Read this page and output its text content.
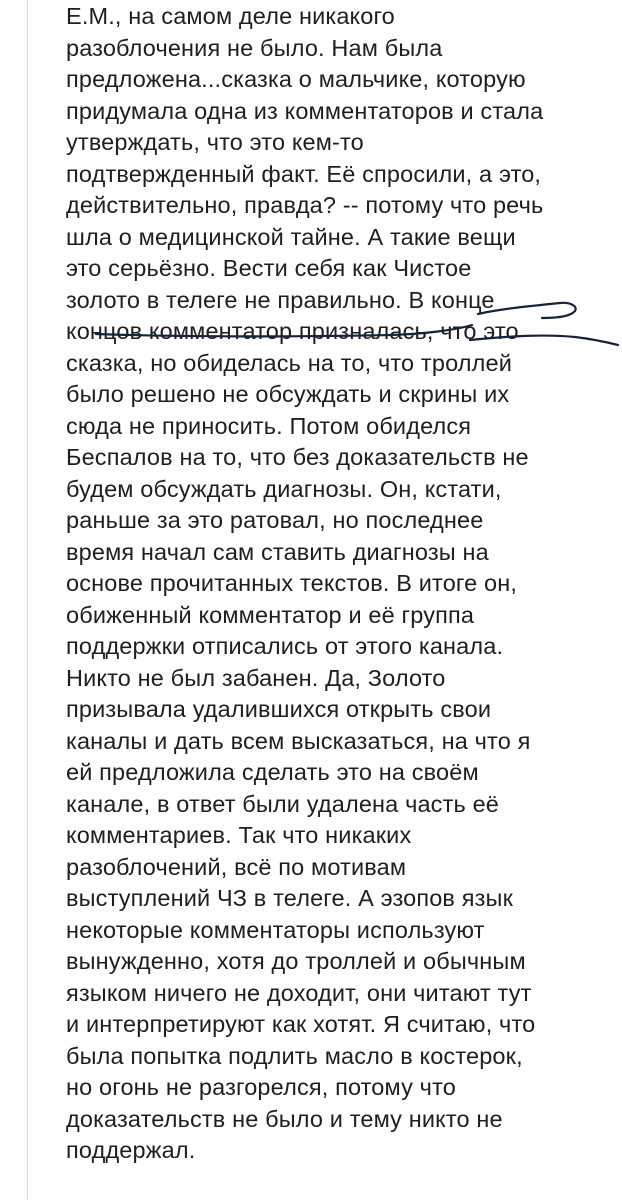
Е.М., на самом деле никакого
разоблочения не было. Нам была
предложена...сказка о мальчике, которую
придумала одна из комментаторов и стала
утверждать, что это кем-то
подтвержденный факт. Её спросили, а это,
действительно, правда? -- потому что речь
шла о медицинской тайне. А такие вещи
это серьёзно. Вести себя как Чистое
золото в телеге не правильно. В конце
концов комментатор призналась, что это
сказка, но обиделась на то, что троллей
было решено не обсуждать и скрины их
сюда не приносить. Потом обиделся
Беспалов на то, что без доказательств не
будем обсуждать диагнозы. Он, кстати,
раньше за это ратовал, но последнее
время начал сам ставить диагнозы на
основе прочитанных текстов. В итоге он,
обиженный комментатор и её группа
поддержки отписались от этого канала.
Никто не был забанен. Да, Золото
призывала удалившихся открыть свои
каналы и дать всем высказаться, на что я
ей предложила сделать это на своём
канале, в ответ были удалена часть её
комментариев. Так что никаких
разоблочений, всё по мотивам
выступлений ЧЗ в телеге. А эзопов язык
некоторые комментаторы используют
вынужденно, хотя до троллей и обычным
языком ничего не доходит, они читают тут
и интерпретируют как хотят. Я считаю, что
была попытка подлить масло в костерок,
но огонь не разгорелся, потому что
доказательств не было и тему никто не
поддержал.
